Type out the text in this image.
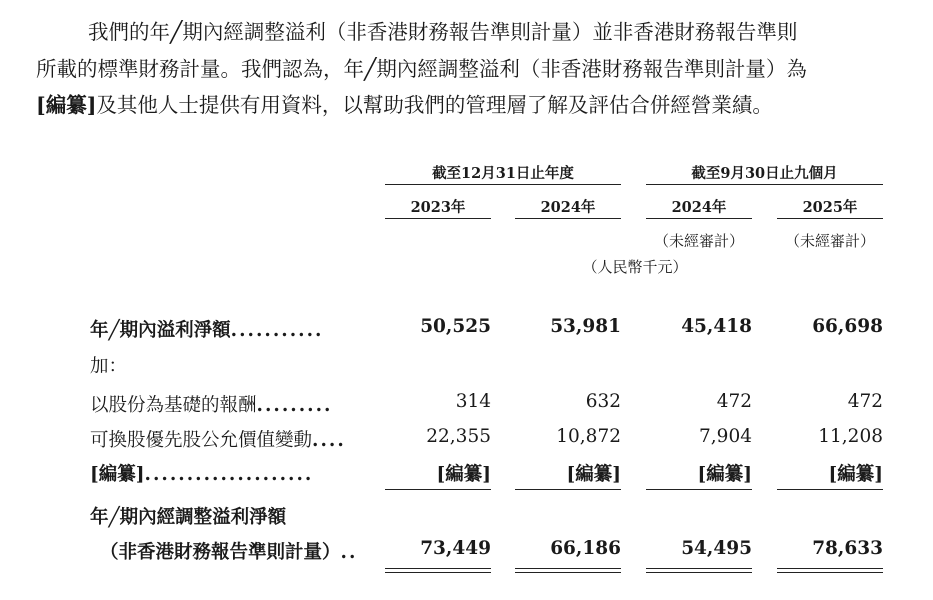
我們的年╱期內經調整溢利（非香港財務報告準則計量）並非香港財務報告準則
所載的標準財務計量。我們認為，年╱期內經調整溢利（非香港財務報告準則計量）為
[編纂]及其他人士提供有用資料，以幫助我們的管理層了解及評估合併經營業績。
截至12月31日止年度	截至9月30日止九個月
2023年	2024年	2024年	2025年
（未經審計）	（未經審計）
（人民幣千元）
年╱期內溢利淨額...........	50,525	53,981	45,418	66,698
加：
以股份為基礎的報酬.........	314	632	472	472
可換股優先股公允價值變動....	22,355	10,872	7,904	11,208
[編纂]....................	[編纂]	[編纂]	[編纂]	[編纂]
年╱期內經調整溢利淨額
（非香港財務報告準則計量）..	73,449	66,186	54,495	78,633
